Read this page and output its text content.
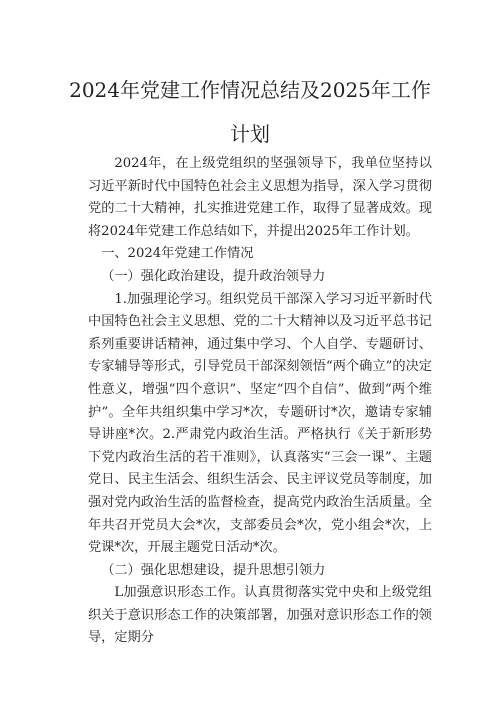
2024年党建工作情况总结及2025年工作计划

2024年，在上级党组织的坚强领导下，我单位坚持以习近平新时代中国特色社会主义思想为指导，深入学习贯彻党的二十大精神，扎实推进党建工作，取得了显著成效。现将2024年党建工作总结如下，并提出2025年工作计划。

一、2024年党建工作情况
（一）强化政治建设，提升政治领导力

1.加强理论学习。组织党员干部深入学习习近平新时代中国特色社会主义思想、党的二十大精神以及习近平总书记系列重要讲话精神，通过集中学习、个人自学、专题研讨、专家辅导等形式，引导党员干部深刻领悟“两个确立”的决定性意义，增强“四个意识”、坚定“四个自信”、做到“两个维护”。全年共组织集中学习*次，专题研讨*次，邀请专家辅导讲座*次。2.严肃党内政治生活。严格执行《关于新形势下党内政治生活的若干准则》，认真落实“三会一课”、主题党日、民主生活会、组织生活会、民主评议党员等制度，加强对党内政治生活的监督检查，提高党内政治生活质量。全年共召开党员大会*次，支部委员会*次，党小组会*次，上党课*次，开展主题党日活动*次。

（二）强化思想建设，提升思想引领力

L加强意识形态工作。认真贯彻落实党中央和上级党组织关于意识形态工作的决策部署，加强对意识形态工作的领导，定期分
